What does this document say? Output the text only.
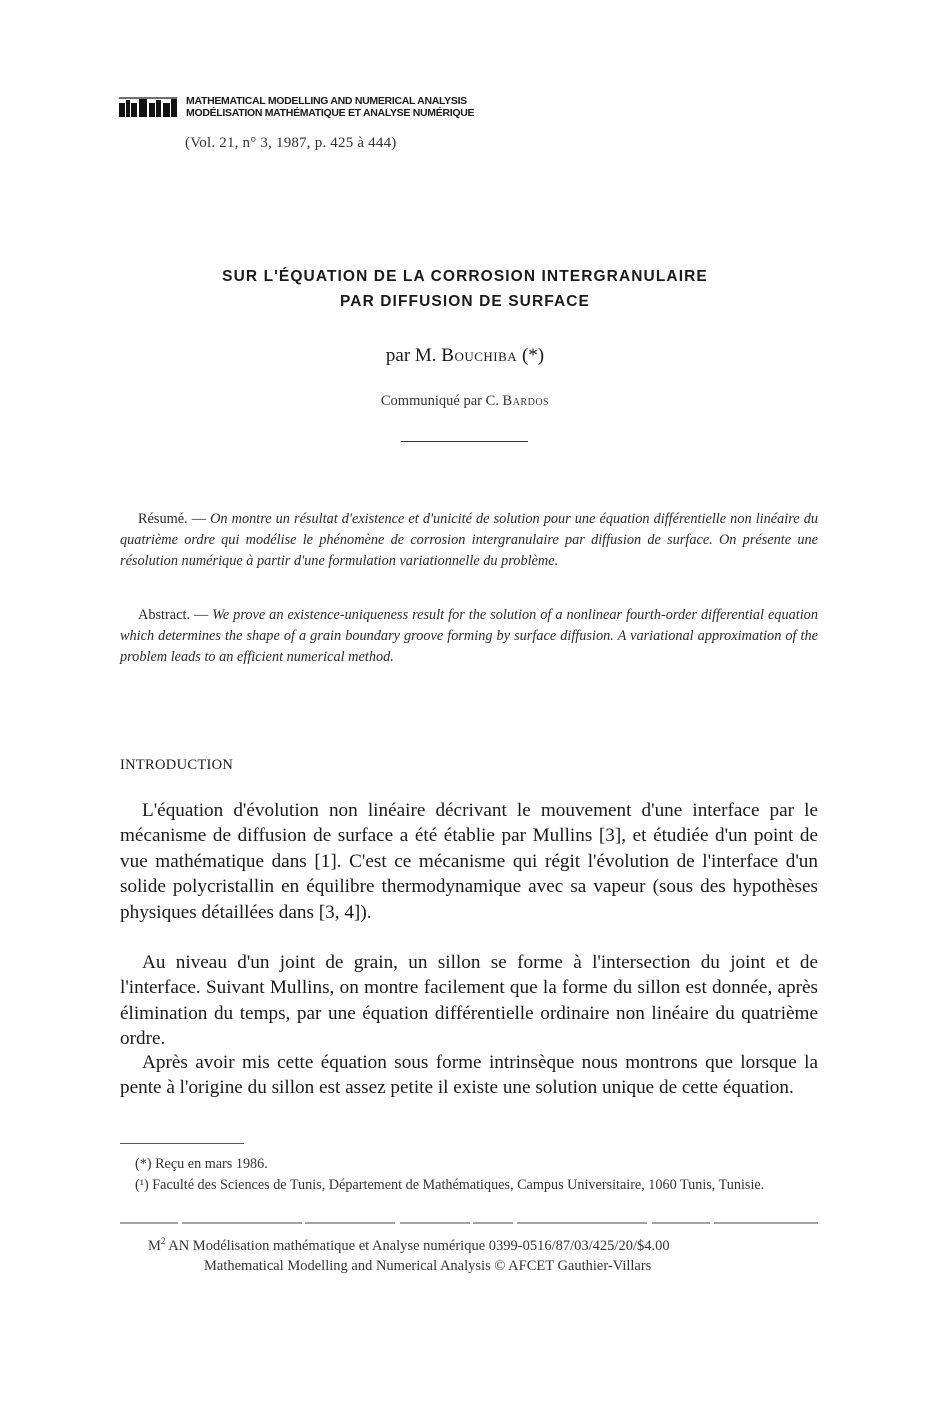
MATHEMATICAL MODELLING AND NUMERICAL ANALYSIS
MODÉLISATION MATHÉMATIQUE ET ANALYSE NUMÉRIQUE
(Vol. 21, n° 3, 1987, p. 425 à 444)
SUR L'ÉQUATION DE LA CORROSION INTERGRANULAIRE
PAR DIFFUSION DE SURFACE
par M. Bouchiba (*)
Communiqué par C. Bardos
Résumé. — On montre un résultat d'existence et d'unicité de solution pour une équation différentielle non linéaire du quatrième ordre qui modélise le phénomène de corrosion intergranulaire par diffusion de surface. On présente une résolution numérique à partir d'une formulation variationnelle du problème.
Abstract. — We prove an existence-uniqueness result for the solution of a nonlinear fourth-order differential equation which determines the shape of a grain boundary groove forming by surface diffusion. A variational approximation of the problem leads to an efficient numerical method.
INTRODUCTION
L'équation d'évolution non linéaire décrivant le mouvement d'une interface par le mécanisme de diffusion de surface a été établie par Mullins [3], et étudiée d'un point de vue mathématique dans [1]. C'est ce mécanisme qui régit l'évolution de l'interface d'un solide polycristallin en équilibre thermodynamique avec sa vapeur (sous des hypothèses physiques détaillées dans [3, 4]).
Au niveau d'un joint de grain, un sillon se forme à l'intersection du joint et de l'interface. Suivant Mullins, on montre facilement que la forme du sillon est donnée, après élimination du temps, par une équation différentielle ordinaire non linéaire du quatrième ordre.
Après avoir mis cette équation sous forme intrinsèque nous montrons que lorsque la pente à l'origine du sillon est assez petite il existe une solution unique de cette équation.
(*) Reçu en mars 1986.
(¹) Faculté des Sciences de Tunis, Département de Mathématiques, Campus Universitaire, 1060 Tunis, Tunisie.
$M^2$ AN Modélisation mathématique et Analyse numérique 0399-0516/87/03/425/20/$4.00
Mathematical Modelling and Numerical Analysis © AFCET Gauthier-Villars
